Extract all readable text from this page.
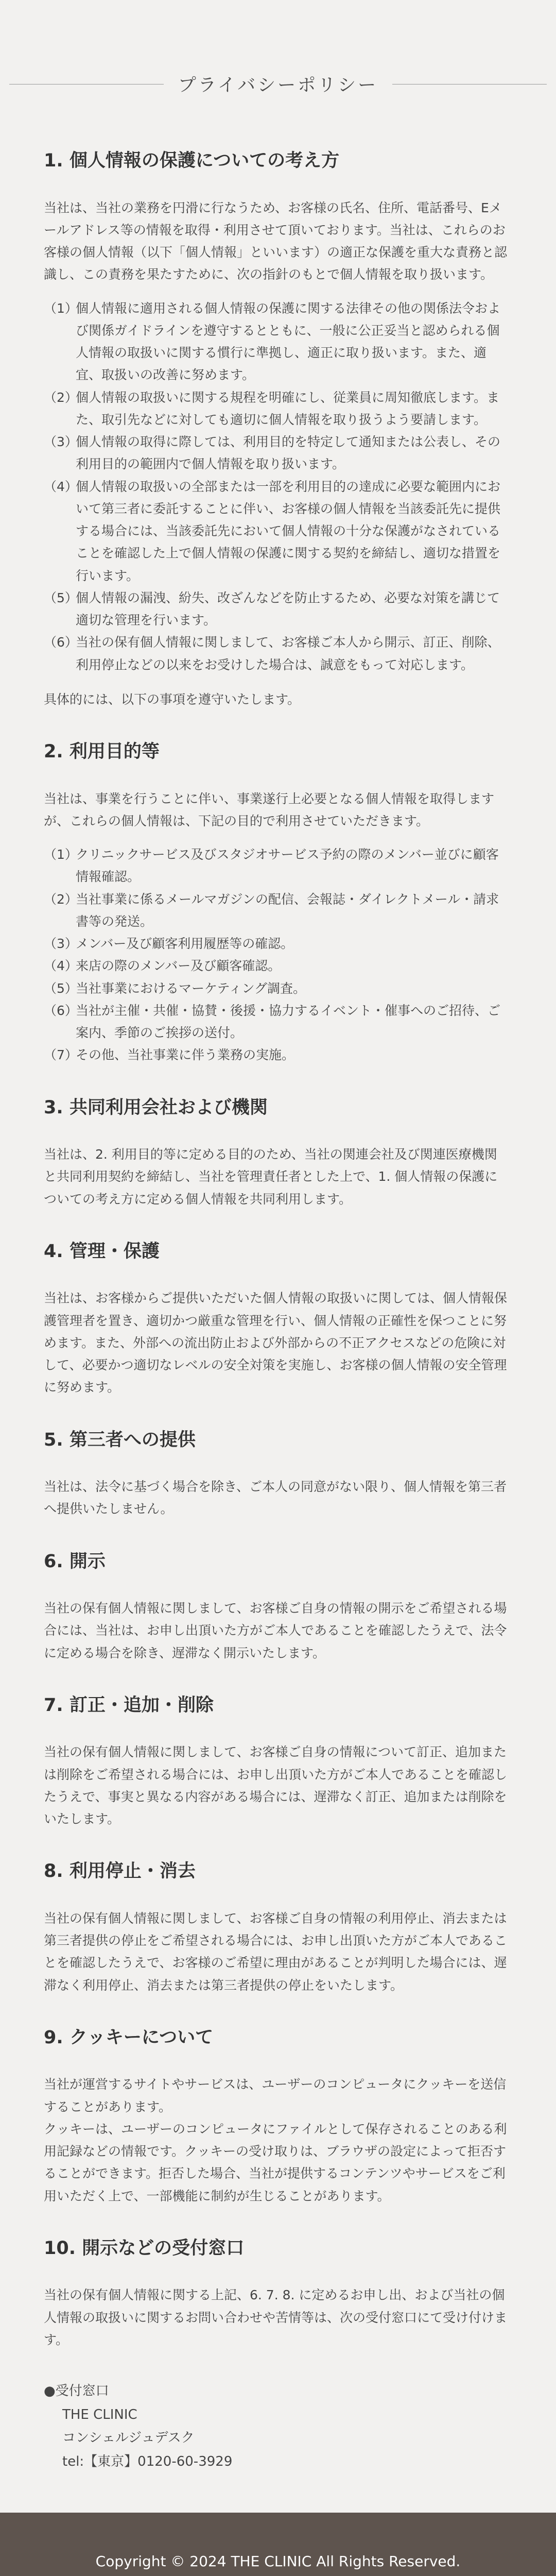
プライバシーポリシー
1. 個人情報の保護についての考え方

当社は、当社の業務を円滑に行なうため、お客様の氏名、住所、電話番号、Eメールアドレス等の情報を取得・利用させて頂いております。当社は、これらのお客様の個人情報（以下「個人情報」といいます）の適正な保護を重大な責務と認識し、この責務を果たすために、次の指針のもとで個人情報を取り扱います。

（1）
個人情報に適用される個人情報の保護に関する法律その他の関係法令および関係ガイドラインを遵守するとともに、一般に公正妥当と認められる個人情報の取扱いに関する慣行に準拠し、適正に取り扱います。また、適宜、取扱いの改善に努めます。
（2）
個人情報の取扱いに関する規程を明確にし、従業員に周知徹底します。また、取引先などに対しても適切に個人情報を取り扱うよう要請します。
（3）
個人情報の取得に際しては、利用目的を特定して通知または公表し、その利用目的の範囲内で個人情報を取り扱います。
（4）
個人情報の取扱いの全部または一部を利用目的の達成に必要な範囲内において第三者に委託することに伴い、お客様の個人情報を当該委託先に提供する場合には、当該委託先において個人情報の十分な保護がなされていることを確認した上で個人情報の保護に関する契約を締結し、適切な措置を行います。
（5）
個人情報の漏洩、紛失、改ざんなどを防止するため、必要な対策を講じて適切な管理を行います。
（6）
当社の保有個人情報に関しまして、お客様ご本人から開示、訂正、削除、利用停止などの以来をお受けした場合は、誠意をもって対応します。

具体的には、以下の事項を遵守いたします。

2. 利用目的等

当社は、事業を行うことに伴い、事業遂行上必要となる個人情報を取得しますが、これらの個人情報は、下記の目的で利用させていただきます。

（1）
クリニックサービス及びスタジオサービス予約の際のメンバー並びに顧客情報確認。
（2）
当社事業に係るメールマガジンの配信、会報誌・ダイレクトメール・請求書等の発送。
（3）
メンバー及び顧客利用履歴等の確認。
（4）
来店の際のメンバー及び顧客確認。
（5）
当社事業におけるマーケティング調査。
（6）
当社が主催・共催・協賛・後援・協力するイベント・催事へのご招待、ご案内、季節のご挨拶の送付。
（7）
その他、当社事業に伴う業務の実施。
3. 共同利用会社および機関

当社は、2. 利用目的等に定める目的のため、当社の関連会社及び関連医療機関と共同利用契約を締結し、当社を管理責任者とした上で、1. 個人情報の保護についての考え方に定める個人情報を共同利用します。

4. 管理・保護

当社は、お客様からご提供いただいた個人情報の取扱いに関しては、個人情報保護管理者を置き、適切かつ厳重な管理を行い、個人情報の正確性を保つことに努めます。また、外部への流出防止および外部からの不正アクセスなどの危険に対して、必要かつ適切なレベルの安全対策を実施し、お客様の個人情報の安全管理に努めます。

5. 第三者への提供

当社は、法令に基づく場合を除き、ご本人の同意がない限り、個人情報を第三者へ提供いたしません。

6. 開示

当社の保有個人情報に関しまして、お客様ご自身の情報の開示をご希望される場合には、当社は、お申し出頂いた方がご本人であることを確認したうえで、法令に定める場合を除き、遅滞なく開示いたします。

7. 訂正・追加・削除

当社の保有個人情報に関しまして、お客様ご自身の情報について訂正、追加または削除をご希望される場合には、お申し出頂いた方がご本人であることを確認したうえで、事実と異なる内容がある場合には、遅滞なく訂正、追加または削除をいたします。

8. 利用停止・消去

当社の保有個人情報に関しまして、お客様ご自身の情報の利用停止、消去または第三者提供の停止をご希望される場合には、お申し出頂いた方がご本人であることを確認したうえで、お客様のご希望に理由があることが判明した場合には、遅滞なく利用停止、消去または第三者提供の停止をいたします。

9. クッキーについて

当社が運営するサイトやサービスは、ユーザーのコンピュータにクッキーを送信することがあります。

クッキーは、ユーザーのコンピュータにファイルとして保存されることのある利用記録などの情報です。クッキーの受け取りは、ブラウザの設定によって拒否することができます。拒否した場合、当社が提供するコンテンツやサービスをご利用いただく上で、一部機能に制約が生じることがあります。

10. 開示などの受付窓口

当社の保有個人情報に関する上記、6. 7. 8. に定めるお申し出、および当社の個人情報の取扱いに関するお問い合わせや苦情等は、次の受付窓口にて受け付けます。

●受付窓口

THE CLINIC

コンシェルジュデスク

tel:【東京】0120-60-3929

Copyright © 2024 THE CLINIC All Rights Reserved.
